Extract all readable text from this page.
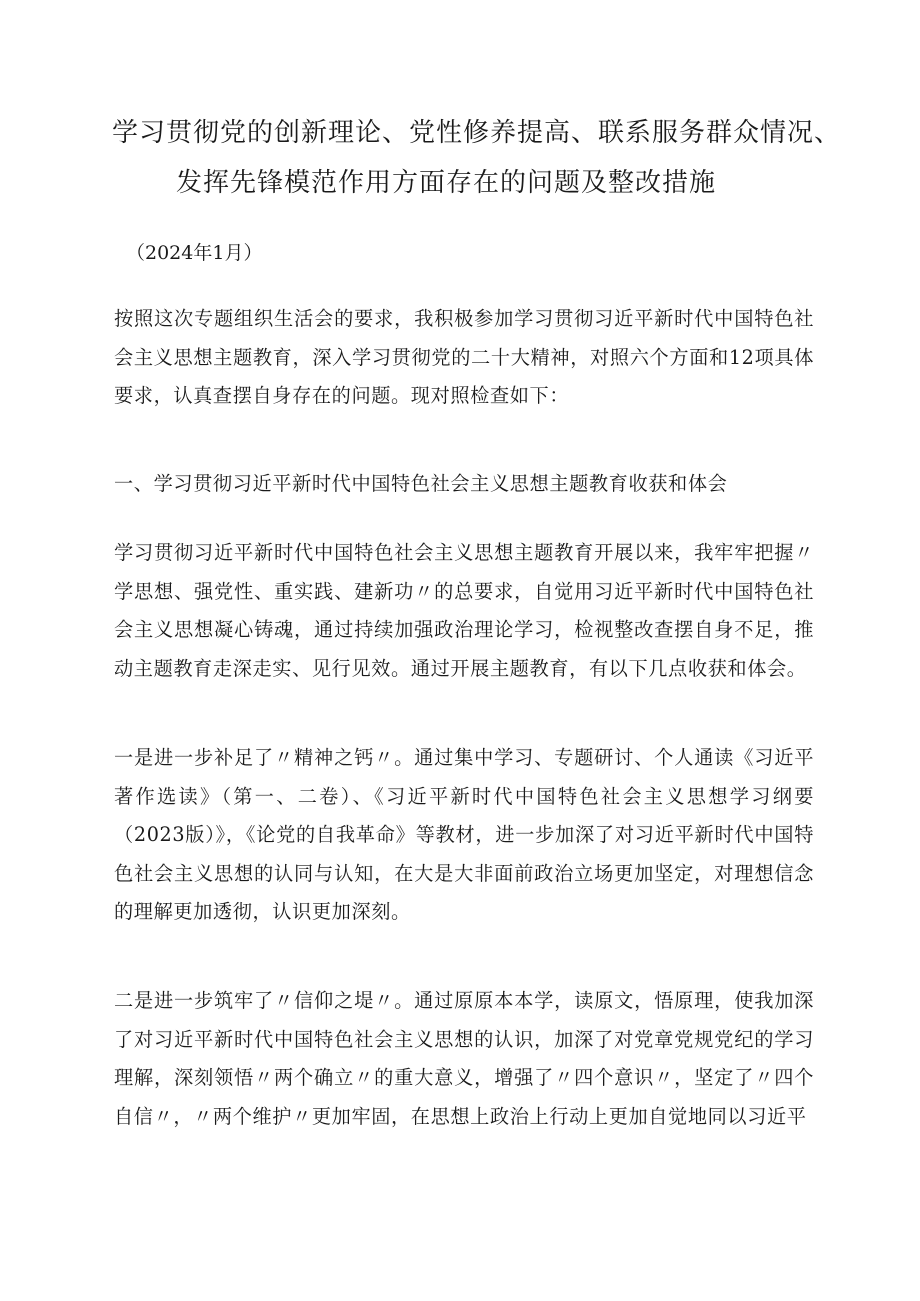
学习贯彻党的创新理论、党性修养提高、联系服务群众情况、
发挥先锋模范作用方面存在的问题及整改措施
（2024年1月）

按照这次专题组织生活会的要求，我积极参加学习贯彻习近平新时代中国特色社会主义思想主题教育，深入学习贯彻党的二十大精神，对照六个方面和12项具体要求，认真查摆自身存在的问题。现对照检查如下：

一、学习贯彻习近平新时代中国特色社会主义思想主题教育收获和体会

学习贯彻习近平新时代中国特色社会主义思想主题教育开展以来，我牢牢把握〃学思想、强党性、重实践、建新功〃的总要求，自觉用习近平新时代中国特色社会主义思想凝心铸魂，通过持续加强政治理论学习，检视整改查摆自身不足，推动主题教育走深走实、见行见效。通过开展主题教育，有以下几点收获和体会。

一是进一步补足了〃精神之钙〃。通过集中学习、专题研讨、个人通读《习近平著作选读》（第一、二卷）、《习近平新时代中国特色社会主义思想学习纲要（2023版）》，《论党的自我革命》等教材，进一步加深了对习近平新时代中国特色社会主义思想的认同与认知，在大是大非面前政治立场更加坚定，对理想信念的理解更加透彻，认识更加深刻。

二是进一步筑牢了〃信仰之堤〃。通过原原本本学，读原文，悟原理，使我加深了对习近平新时代中国特色社会主义思想的认识，加深了对党章党规党纪的学习理解，深刻领悟〃两个确立〃的重大意义，增强了〃四个意识〃，坚定了〃四个自信〃，〃两个维护〃更加牢固，在思想上政治上行动上更加自觉地同以习近平
